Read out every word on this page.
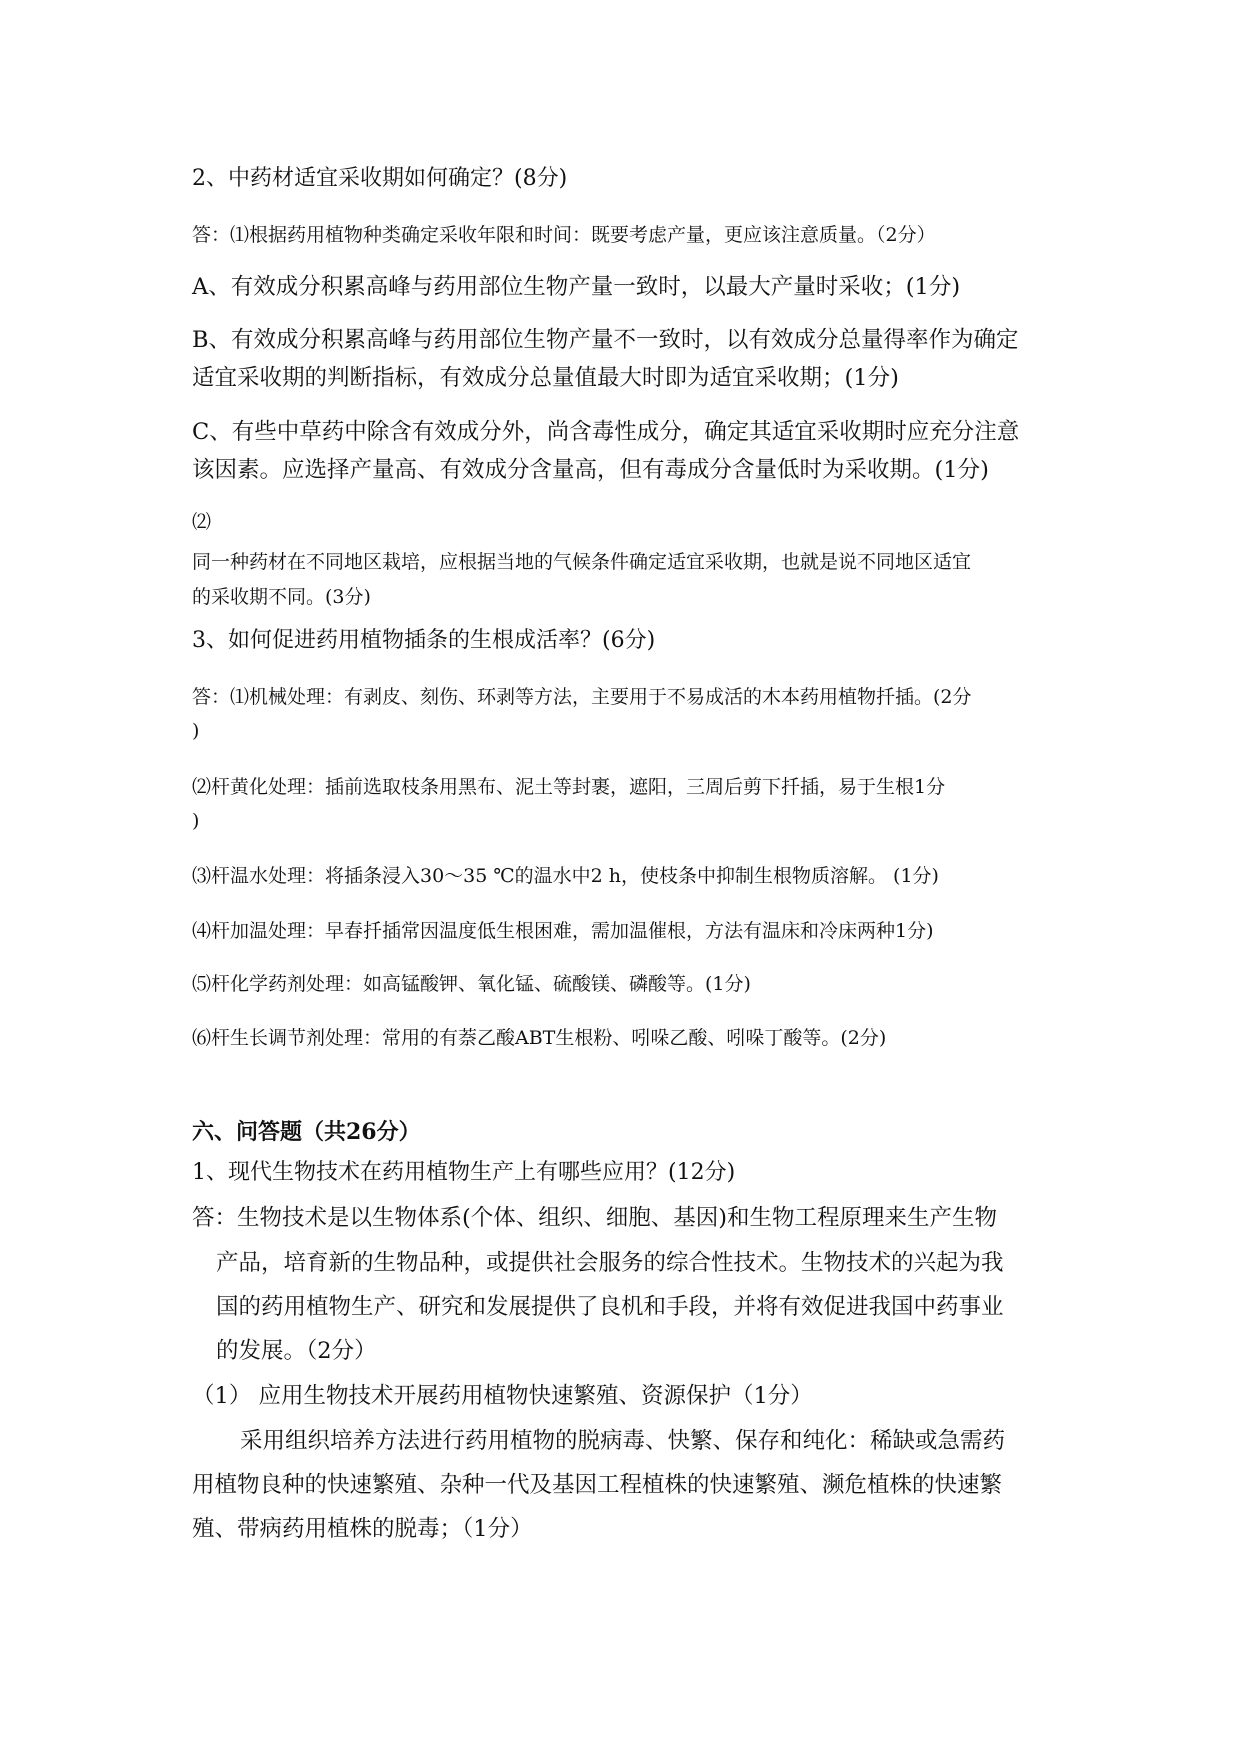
2、中药材适宜采收期如何确定？(8分)
答：⑴根据药用植物种类确定采收年限和时间：既要考虑产量，更应该注意质量。（2分）
A、有效成分积累高峰与药用部位生物产量一致时，以最大产量时采收；(1分)
B、有效成分积累高峰与药用部位生物产量不一致时，以有效成分总量得率作为确定
适宜采收期的判断指标，有效成分总量值最大时即为适宜采收期；(1分)
C、有些中草药中除含有效成分外，尚含毒性成分，确定其适宜采收期时应充分注意
该因素。应选择产量高、有效成分含量高，但有毒成分含量低时为采收期。(1分)
⑵
同一种药材在不同地区栽培，应根据当地的气候条件确定适宜采收期，也就是说不同地区适宜
的采收期不同。(3分)
3、如何促进药用植物插条的生根成活率？(6分)
答：⑴机械处理：有剥皮、刻伤、环剥等方法，主要用于不易成活的木本药用植物扦插。(2分
)
⑵杆黄化处理：插前选取枝条用黑布、泥土等封裹，遮阳，三周后剪下扦插，易于生根1分
)
⑶杆温水处理：将插条浸入30～35 ℃的温水中2 h，使枝条中抑制生根物质溶解。 (1分)
⑷杆加温处理：早春扦插常因温度低生根困难，需加温催根，方法有温床和冷床两种1分)
⑸杆化学药剂处理：如高锰酸钾、氧化锰、硫酸镁、磷酸等。(1分)
⑹杆生长调节剂处理：常用的有萘乙酸ABT生根粉、吲哚乙酸、吲哚丁酸等。(2分)
六、问答题（共26分）
1、现代生物技术在药用植物生产上有哪些应用？(12分)
答：生物技术是以生物体系(个体、组织、细胞、基因)和生物工程原理来生产生物
产品，培育新的生物品种，或提供社会服务的综合性技术。生物技术的兴起为我
国的药用植物生产、研究和发展提供了良机和手段，并将有效促进我国中药事业
的发展。（2分）
（1） 应用生物技术开展药用植物快速繁殖、资源保护（1分）
采用组织培养方法进行药用植物的脱病毒、快繁、保存和纯化：稀缺或急需药
用植物良种的快速繁殖、杂种一代及基因工程植株的快速繁殖、濒危植株的快速繁
殖、带病药用植株的脱毒；（1分）
